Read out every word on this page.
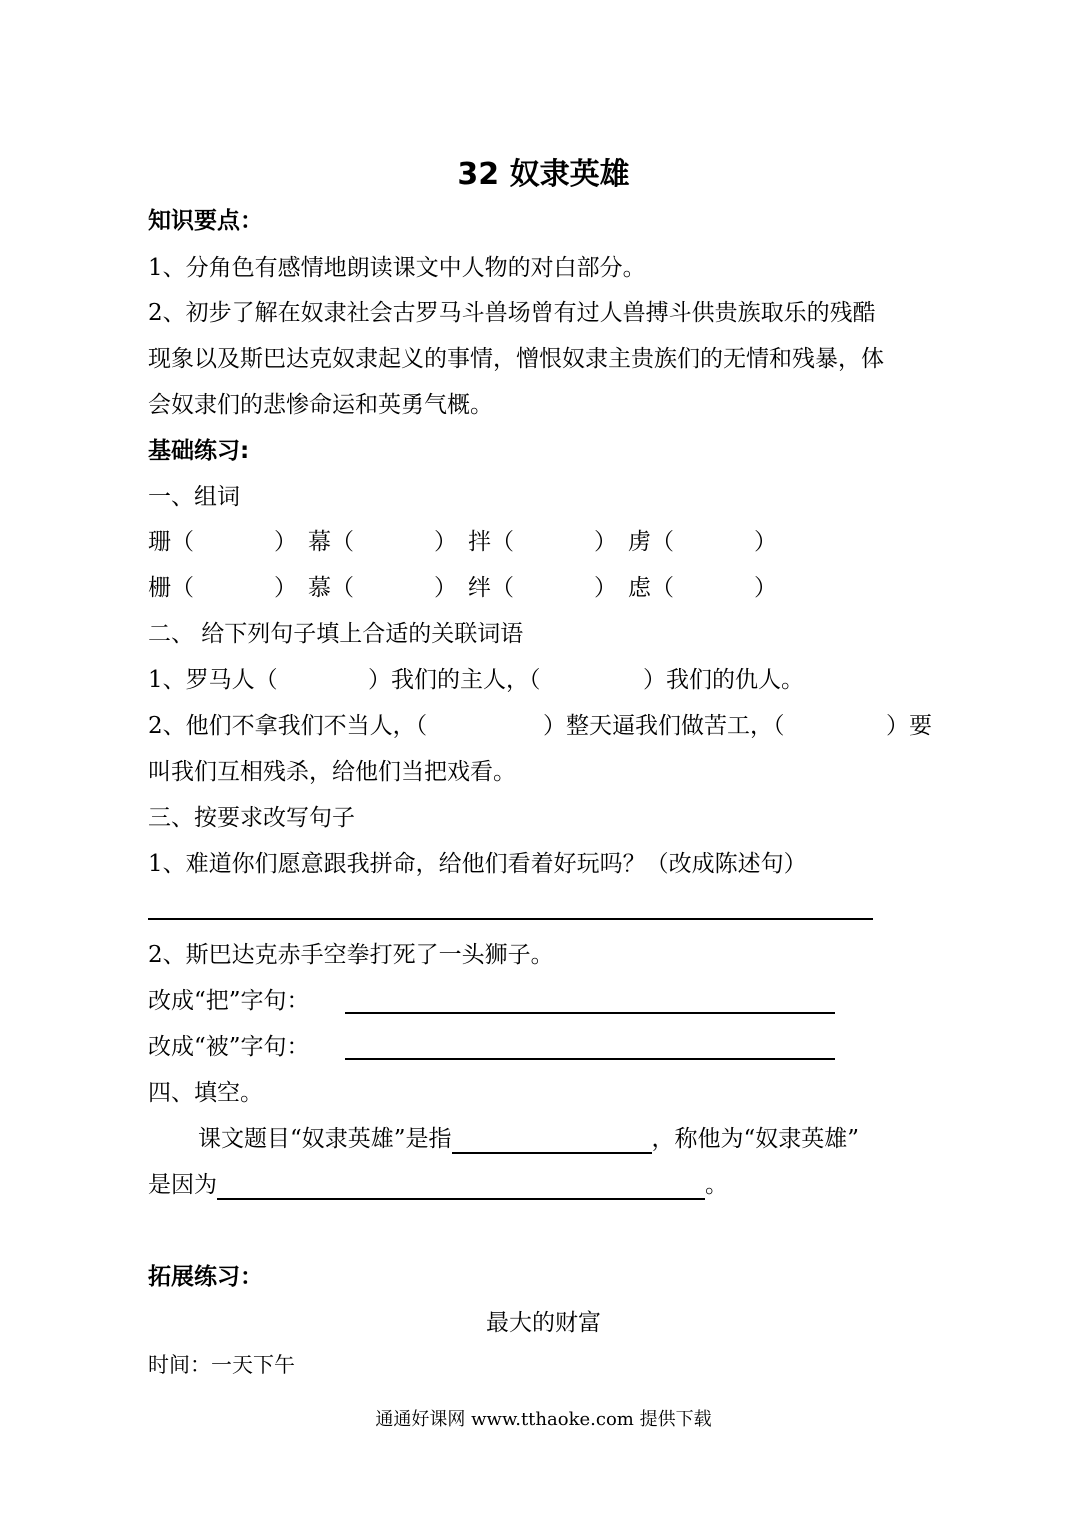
32 奴隶英雄
知识要点：
1、分角色有感情地朗读课文中人物的对白部分。
2、初步了解在奴隶社会古罗马斗兽场曾有过人兽搏斗供贵族取乐的残酷
现象以及斯巴达克奴隶起义的事情，憎恨奴隶主贵族们的无情和残暴，体
会奴隶们的悲惨命运和英勇气概。
基础练习:
一、组词
珊（	） 幕（	） 拌（	） 虏（	）
栅（	） 慕（	） 绊（	） 虑（	）
二、 给下列句子填上合适的关联词语
1、罗马人（	）我们的主人，（	）我们的仇人。
2、他们不拿我们不当人，（	）整天逼我们做苦工，（	）要
叫我们互相残杀，给他们当把戏看。
三、按要求改写句子
1、难道你们愿意跟我拼命，给他们看着好玩吗？（改成陈述句）
2、斯巴达克赤手空拳打死了一头狮子。
改成“把”字句：
改成“被”字句：
四、填空。
课文题目“奴隶英雄”是指	，称他为“奴隶英雄”
是因为	。
拓展练习：
最大的财富
时间：一天下午
通通好课网 www.tthaoke.com 提供下载
